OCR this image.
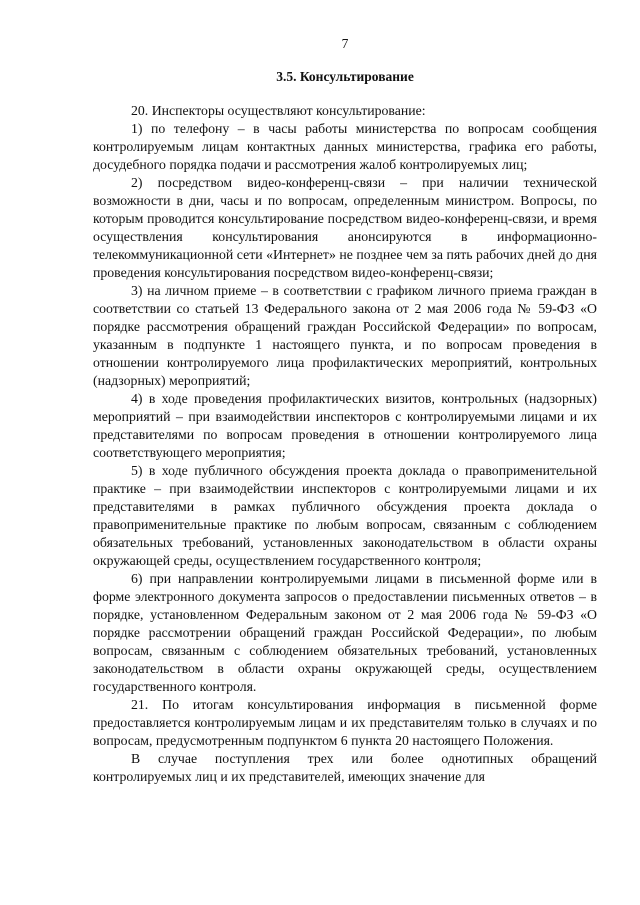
7
3.5. Консультирование

20. Инспекторы осуществляют консультирование:

1) по телефону – в часы работы министерства по вопросам сообщения контролируемым лицам контактных данных министерства, графика его работы, досудебного порядка подачи и рассмотрения жалоб контролируемых лиц;

2) посредством видео-конференц-связи – при наличии технической возможности в дни, часы и по вопросам, определенным министром. Вопросы, по которым проводится консультирование посредством видео-конференц-связи, и время осуществления консультирования анонсируются в информационно-телекоммуникационной сети «Интернет» не позднее чем за пять рабочих дней до дня проведения консультирования посредством видео-конференц-связи;

3) на личном приеме – в соответствии с графиком личного приема граждан в соответствии со статьей 13 Федерального закона от 2 мая 2006 года № 59-ФЗ «О порядке рассмотрения обращений граждан Российской Федерации» по вопросам, указанным в подпункте 1 настоящего пункта, и по вопросам проведения в отношении контролируемого лица профилактических мероприятий, контрольных (надзорных) мероприятий;

4) в ходе проведения профилактических визитов, контрольных (надзорных) мероприятий – при взаимодействии инспекторов с контролируемыми лицами и их представителями по вопросам проведения в отношении контролируемого лица соответствующего мероприятия;

5) в ходе публичного обсуждения проекта доклада о правоприменительной практике – при взаимодействии инспекторов с контролируемыми лицами и их представителями в рамках публичного обсуждения проекта доклада о правоприменительные практике по любым вопросам, связанным с соблюдением обязательных требований, установленных законодательством в области охраны окружающей среды, осуществлением государственного контроля;

6) при направлении контролируемыми лицами в письменной форме или в форме электронного документа запросов о предоставлении письменных ответов – в порядке, установленном Федеральным законом от 2 мая 2006 года № 59-ФЗ «О порядке рассмотрении обращений граждан Российской Федерации», по любым вопросам, связанным с соблюдением обязательных требований, установленных законодательством в области охраны окружающей среды, осуществлением государственного контроля.

21. По итогам консультирования информация в письменной форме предоставляется контролируемым лицам и их представителям только в случаях и по вопросам, предусмотренным подпунктом 6 пункта 20 настоящего Положения.

В случае поступления трех или более однотипных обращений контролируемых лиц и их представителей, имеющих значение для
